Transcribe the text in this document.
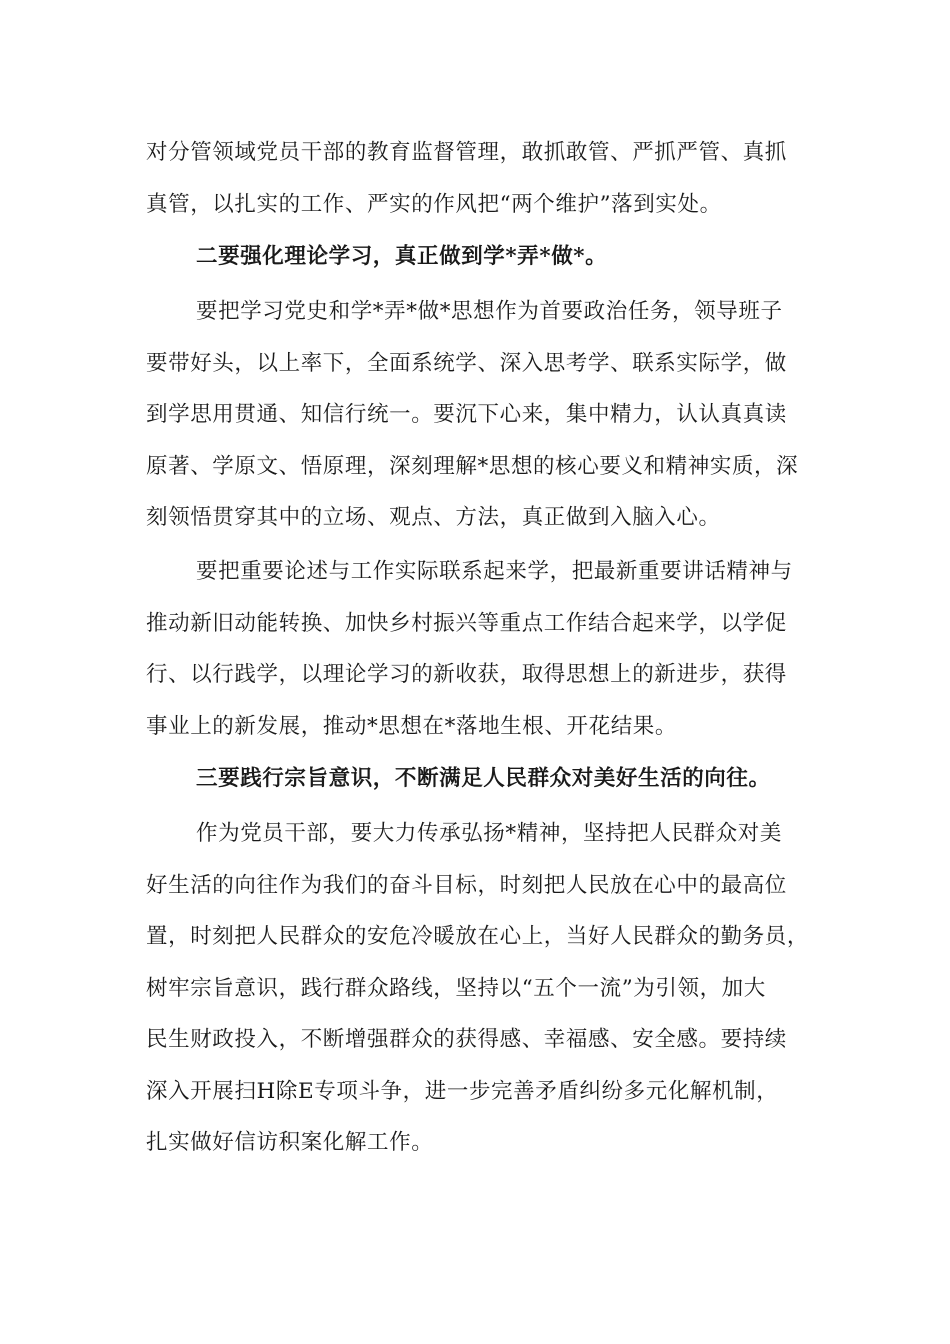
对分管领域党员干部的教育监督管理，敢抓敢管、严抓严管、真抓
真管，以扎实的工作、严实的作风把“两个维护”落到实处。

二要强化理论学习，真正做到学*弄*做*。

要把学习党史和学*弄*做*思想作为首要政治任务，领导班子
要带好头，以上率下，全面系统学、深入思考学、联系实际学，做
到学思用贯通、知信行统一。要沉下心来，集中精力，认认真真读
原著、学原文、悟原理，深刻理解*思想的核心要义和精神实质，深
刻领悟贯穿其中的立场、观点、方法，真正做到入脑入心。

要把重要论述与工作实际联系起来学，把最新重要讲话精神与
推动新旧动能转换、加快乡村振兴等重点工作结合起来学，以学促
行、以行践学，以理论学习的新收获，取得思想上的新进步，获得
事业上的新发展，推动*思想在*落地生根、开花结果。

三要践行宗旨意识，不断满足人民群众对美好生活的向往。

作为党员干部，要大力传承弘扬*精神，坚持把人民群众对美
好生活的向往作为我们的奋斗目标，时刻把人民放在心中的最高位
置，时刻把人民群众的安危冷暖放在心上，当好人民群众的勤务员，
树牢宗旨意识，践行群众路线，坚持以“五个一流”为引领，加大
民生财政投入，不断增强群众的获得感、幸福感、安全感。要持续
深入开展扫H除E专项斗争，进一步完善矛盾纠纷多元化解机制，
扎实做好信访积案化解工作。
